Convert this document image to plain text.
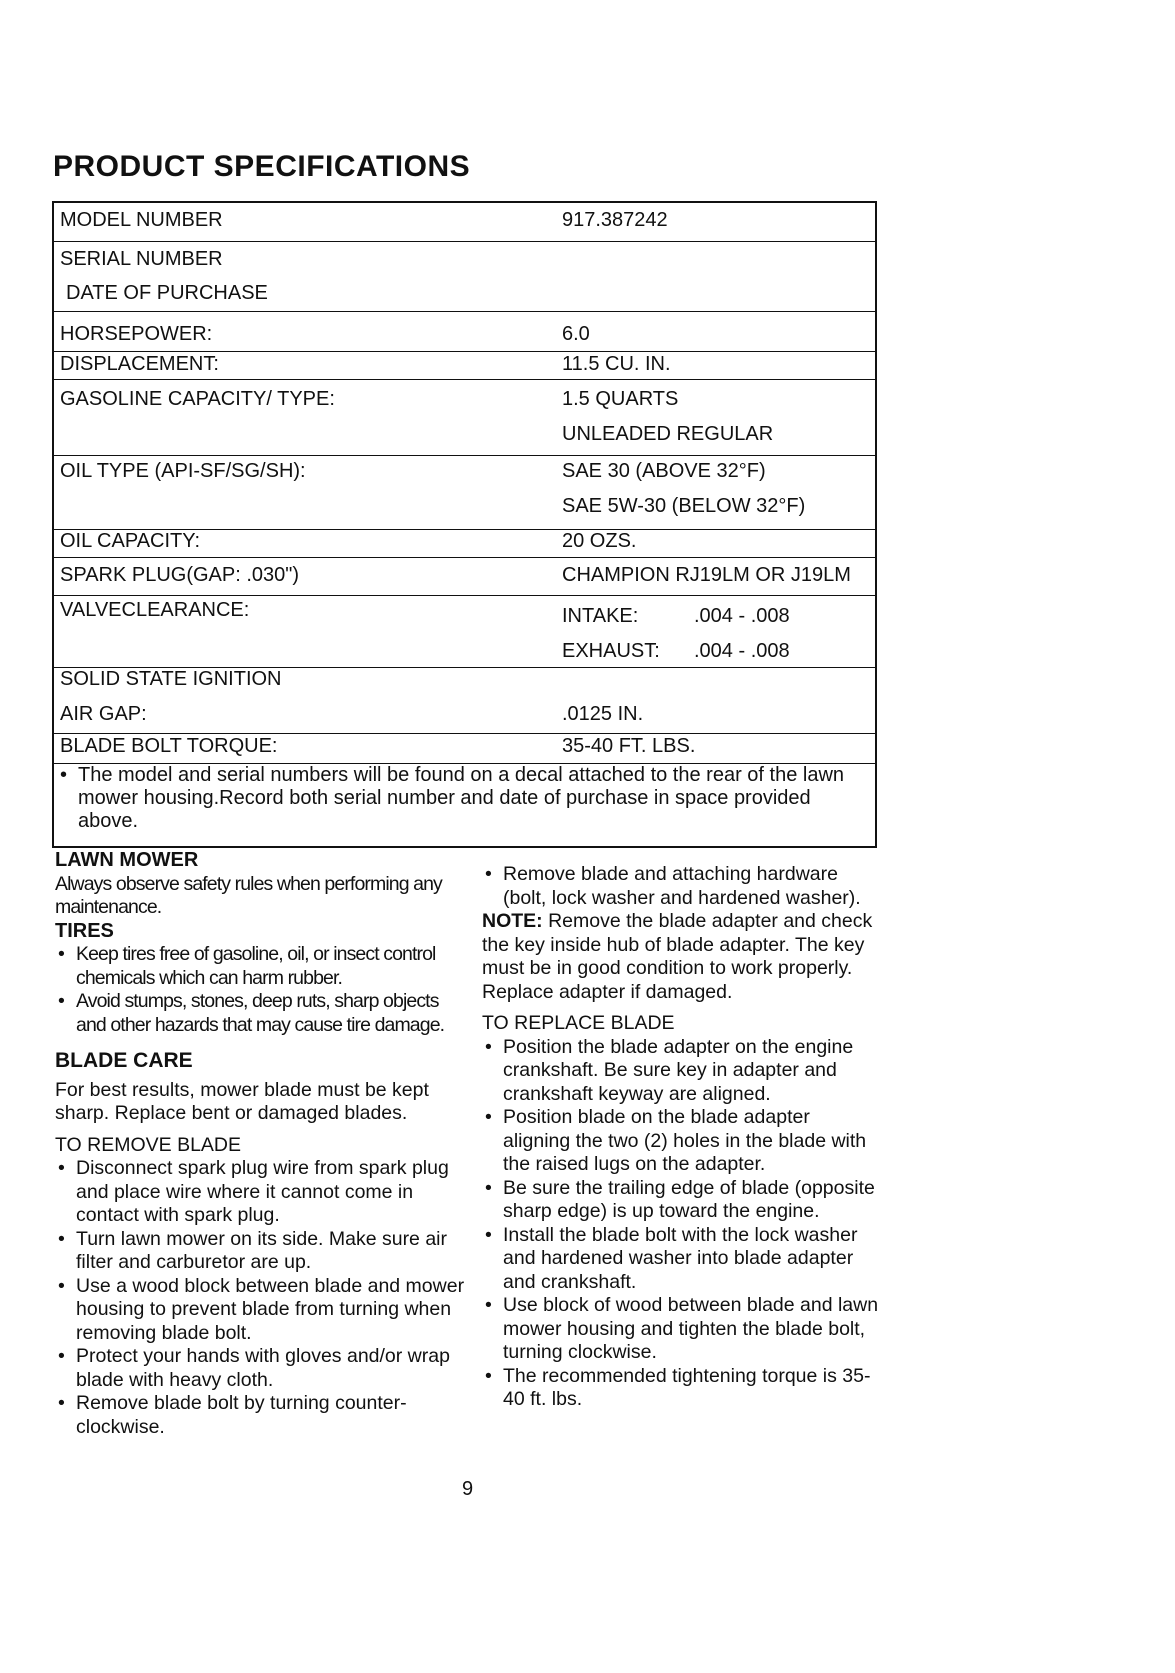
PRODUCT SPECIFICATIONS
MODEL NUMBER	917.387242
SERIAL NUMBER
DATE OF PURCHASE
HORSEPOWER:	6.0
DISPLACEMENT:	11.5 CU. IN.
GASOLINE CAPACITY/ TYPE:	1.5 QUARTS
UNLEADED REGULAR
OIL TYPE (API-SF/SG/SH):	SAE 30 (ABOVE 32°F)
SAE 5W-30 (BELOW 32°F)
OIL CAPACITY:	20 OZS.
SPARK PLUG(GAP: .030")	CHAMPION RJ19LM OR J19LM
VALVECLEARANCE:	INTAKE:	.004 - .008
EXHAUST: .004 - .008
SOLID STATE IGNITION
AIR GAP:	.0125 IN.
BLADE BOLT TORQUE:	35-40 FT. LBS.
• The model and serial numbers will be found on a decal attached to the rear of the lawn mower housing.Record both serial number and date of purchase in space provided above.

LAWN MOWER

Always observe safety rules when performing any maintenance.

TIRES
• Keep tires free of gasoline, oil, or insect control chemicals which can harm rubber.
• Avoid stumps, stones, deep ruts, sharp objects and other hazards that may cause tire damage.
BLADE CARE

For best results, mower blade must be kept sharp. Replace bent or damaged blades.

TO REMOVE BLADE

• Disconnect spark plug wire from spark plug and place wire where it cannot come in contact with spark plug.
• Turn lawn mower on its side. Make sure air filter and carburetor are up.
• Use a wood block between blade and mower housing to prevent blade from turning when removing blade bolt.
• Protect your hands with gloves and/or wrap blade with heavy cloth.
• Remove blade bolt by turning counter-clockwise.
• Remove blade and attaching hardware (bolt, lock washer and hardened washer).

NOTE: Remove the blade adapter and check the key inside hub of blade adapter. The key must be in good condition to work properly. Replace adapter if damaged.

TO REPLACE BLADE

• Position the blade adapter on the engine crankshaft. Be sure key in adapter and crankshaft keyway are aligned.
• Position blade on the blade adapter aligning the two (2) holes in the blade with the raised lugs on the adapter.
• Be sure the trailing edge of blade (opposite sharp edge) is up toward the engine.
• Install the blade bolt with the lock washer and hardened washer into blade adapter and crankshaft.
• Use block of wood between blade and lawn mower housing and tighten the blade bolt, turning clockwise.
• The recommended tightening torque is 35-40 ft. lbs.
9
